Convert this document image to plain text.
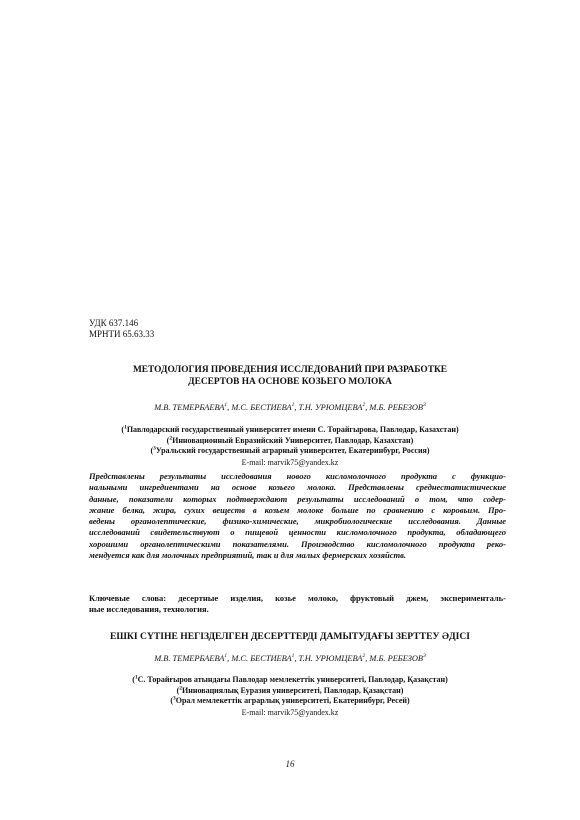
УДК 637.146
МРНТИ 65.63.33
МЕТОДОЛОГИЯ ПРОВЕДЕНИЯ ИССЛЕДОВАНИЙ ПРИ РАЗРАБОТКЕ
ДЕСЕРТОВ НА ОСНОВЕ КОЗЬЕГО МОЛОКА
М.В. ТЕМЕРБАЕВА$^1$, М.С. БЕСТИЕВА$^1$, Т.Н. УРЮМЦЕВА$^2$, М.Б. РЕБЕЗОВ$^3$
($^1$Павлодарский государственный университет имени С. Торайгырова, Павлодар, Казахстан)
($^2$Инновационный Евразийский Университет, Павлодар, Казахстан)
($^3$Уральский государственный аграрный университет, Екатеринбург, Россия)
E-mail: marvik75@yandex.kz
Представлены результаты исследования нового кисломолочного продукта с функцио-
нальными ингредиентами на основе козьего молока. Представлены среднестатистические
данные, показатели которых подтверждают результаты исследований о том, что содер-
жание белка, жира, сухих веществ в козьем молоке больше по сравнению с коровьим. Про-
ведены органолептические, физико-химические, микробиологические исследования. Данные
исследований свидетельствуют о пищевой ценности кисломолочного продукта, обладающего
хорошими органолептическими показателями. Производство кисломолочного продукта реко-
мендуется как для молочных предприятий, так и для малых фермерских хозяйств.
Ключевые слова: десертные изделия, козье молоко, фруктовый джем, эксперименталь-
ные исследования, технология.
ЕШКІ СҮТІНЕ НЕГІЗДЕЛГЕН ДЕСЕРТТЕРДІ ДАМЫТУДАҒЫ ЗЕРТТЕУ ӘДІСІ
М.В. ТЕМЕРБАЕВА$^1$, М.С. БЕСТИЕВА$^1$, Т.Н. УРЮМЦЕВА$^2$, М.Б. РЕБЕЗОВ$^3$
($^1$С. Торайғыров атындағы Павлодар мемлекеттік университеті, Павлодар, Қазақстан)
($^2$Инновациялық Еуразия университеті, Павлодар, Қазақстан)
($^3$Орал мемлекеттік аграрлық университеті, Екатеринбург, Ресей)
E-mail: marvik75@yandex.kz
16
